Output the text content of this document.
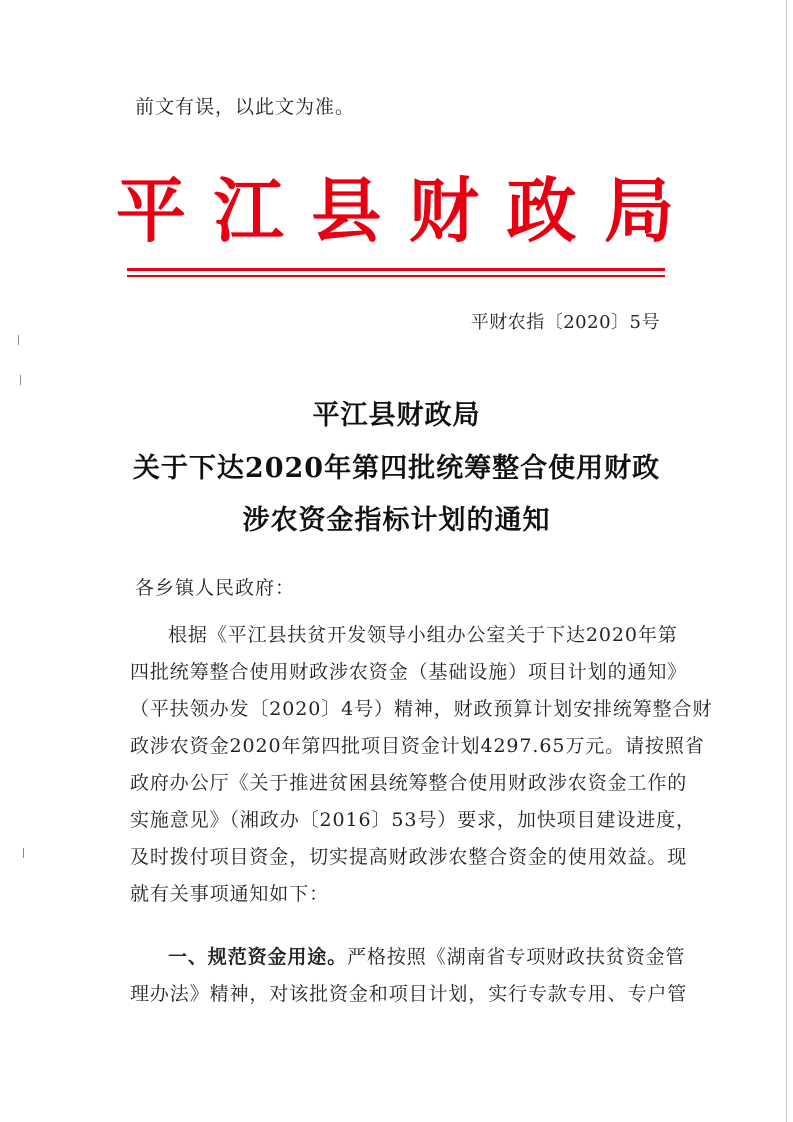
前文有误，以此文为准。
平 江 县 财 政 局
平财农指〔2020〕5号
平江县财政局
关于下达2020年第四批统筹整合使用财政
涉农资金指标计划的通知
各乡镇人民政府：
根据《平江县扶贫开发领导小组办公室关于下达2020年第
四批统筹整合使用财政涉农资金（基础设施）项目计划的通知》
（平扶领办发〔2020〕4号）精神，财政预算计划安排统筹整合财
政涉农资金2020年第四批项目资金计划4297.65万元。请按照省
政府办公厅《关于推进贫困县统筹整合使用财政涉农资金工作的
实施意见》（湘政办〔2016〕53号）要求，加快项目建设进度，
及时拨付项目资金，切实提高财政涉农整合资金的使用效益。现
就有关事项通知如下：
一、规范资金用途。严格按照《湖南省专项财政扶贫资金管
理办法》精神，对该批资金和项目计划，实行专款专用、专户管
